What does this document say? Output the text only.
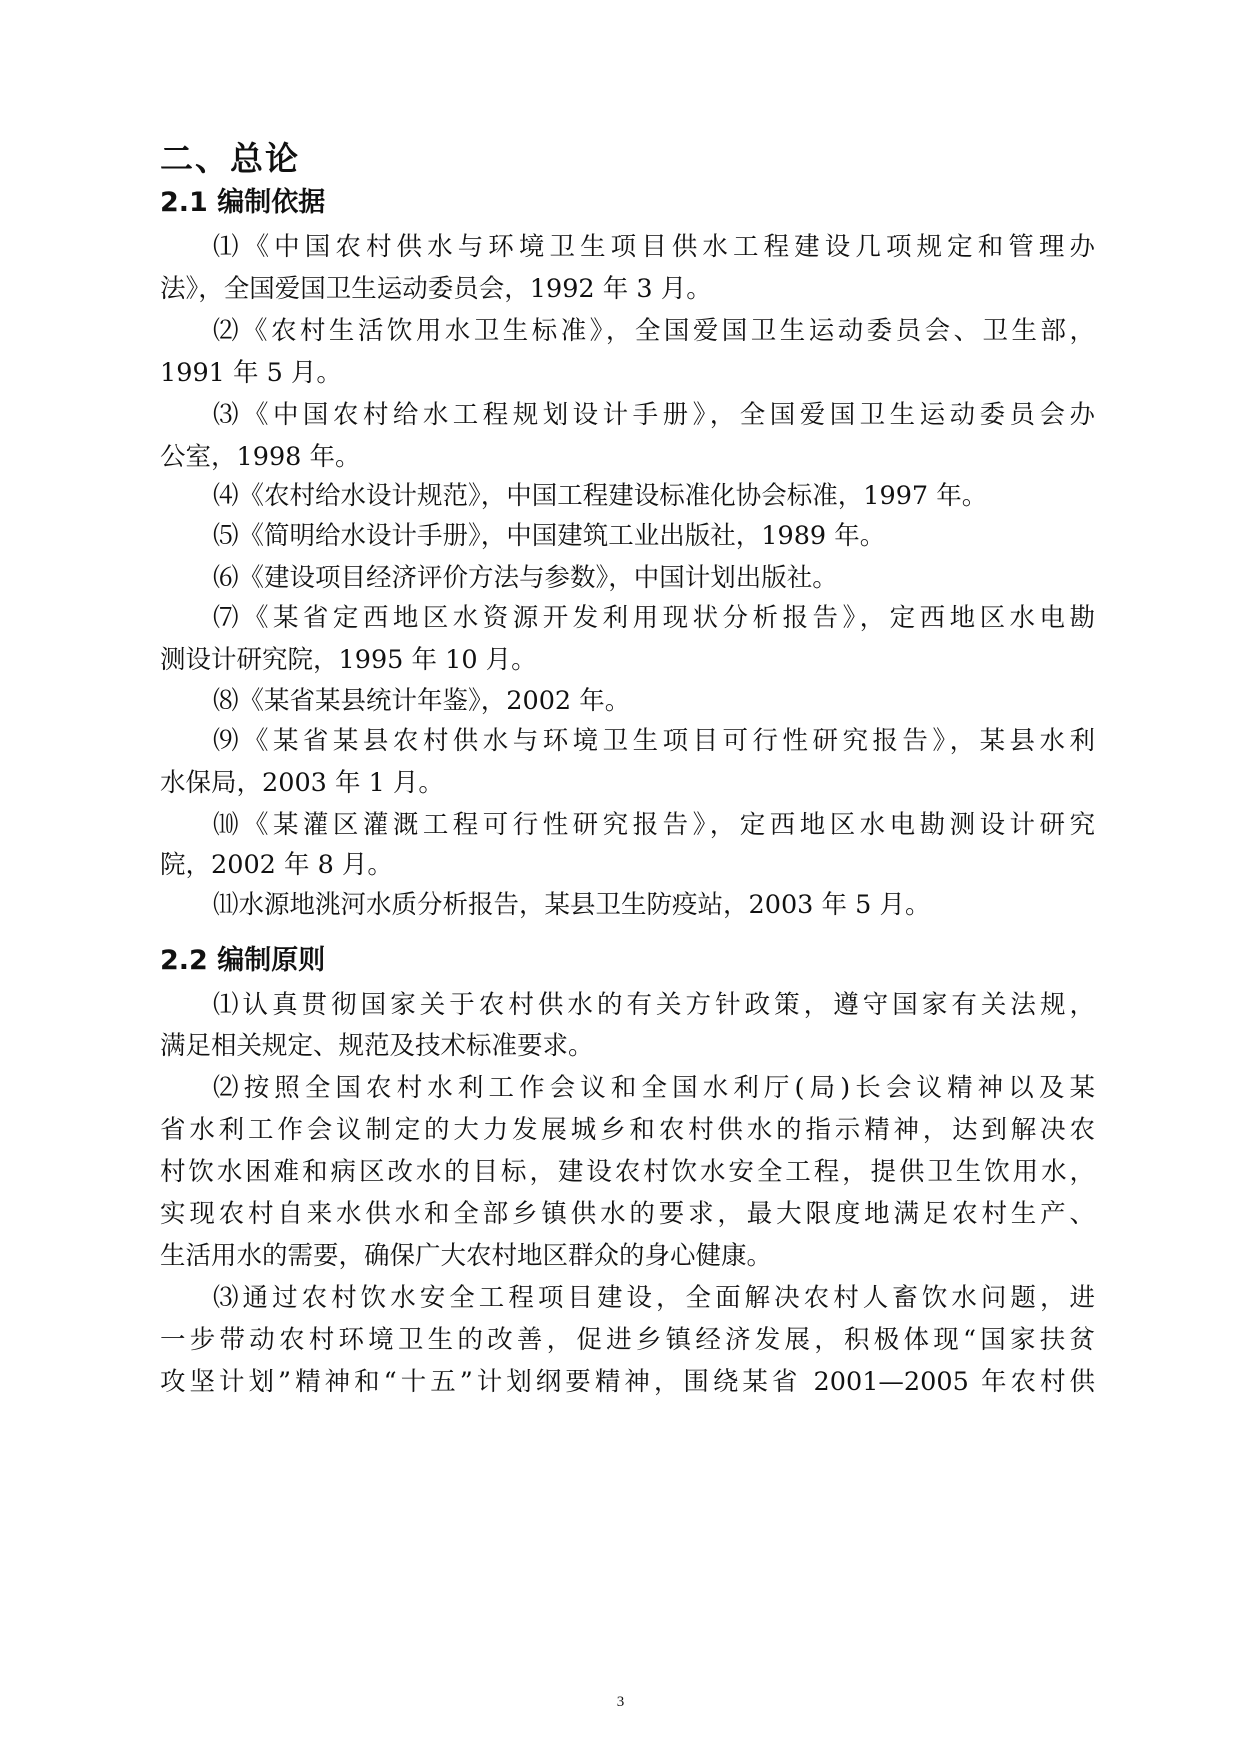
二、总论
2.1 编制依据
⑴《中国农村供水与环境卫生项目供水工程建设几项规定和管理办
法》，全国爱国卫生运动委员会，1992 年 3 月。
⑵《农村生活饮用水卫生标准》，全国爱国卫生运动委员会、卫生部，
1991 年 5 月。
⑶《中国农村给水工程规划设计手册》，全国爱国卫生运动委员会办
公室，1998 年。
⑷《农村给水设计规范》，中国工程建设标准化协会标准，1997 年。
⑸《简明给水设计手册》，中国建筑工业出版社，1989 年。
⑹《建设项目经济评价方法与参数》，中国计划出版社。
⑺《某省定西地区水资源开发利用现状分析报告》，定西地区水电勘
测设计研究院，1995 年 10 月。
⑻《某省某县统计年鉴》，2002 年。
⑼《某省某县农村供水与环境卫生项目可行性研究报告》，某县水利
水保局，2003 年 1 月。
⑽《某灌区灌溉工程可行性研究报告》，定西地区水电勘测设计研究
院，2002 年 8 月。
⑾水源地洮河水质分析报告，某县卫生防疫站，2003 年 5 月。
2.2 编制原则
⑴认真贯彻国家关于农村供水的有关方针政策，遵守国家有关法规，
满足相关规定、规范及技术标准要求。
⑵按照全国农村水利工作会议和全国水利厅(局)长会议精神以及某
省水利工作会议制定的大力发展城乡和农村供水的指示精神，达到解决农
村饮水困难和病区改水的目标，建设农村饮水安全工程，提供卫生饮用水，
实现农村自来水供水和全部乡镇供水的要求，最大限度地满足农村生产、
生活用水的需要，确保广大农村地区群众的身心健康。
⑶通过农村饮水安全工程项目建设，全面解决农村人畜饮水问题，进
一步带动农村环境卫生的改善，促进乡镇经济发展，积极体现“国家扶贫
攻坚计划”精神和“十五”计划纲要精神，围绕某省 2001—2005 年农村供
3
